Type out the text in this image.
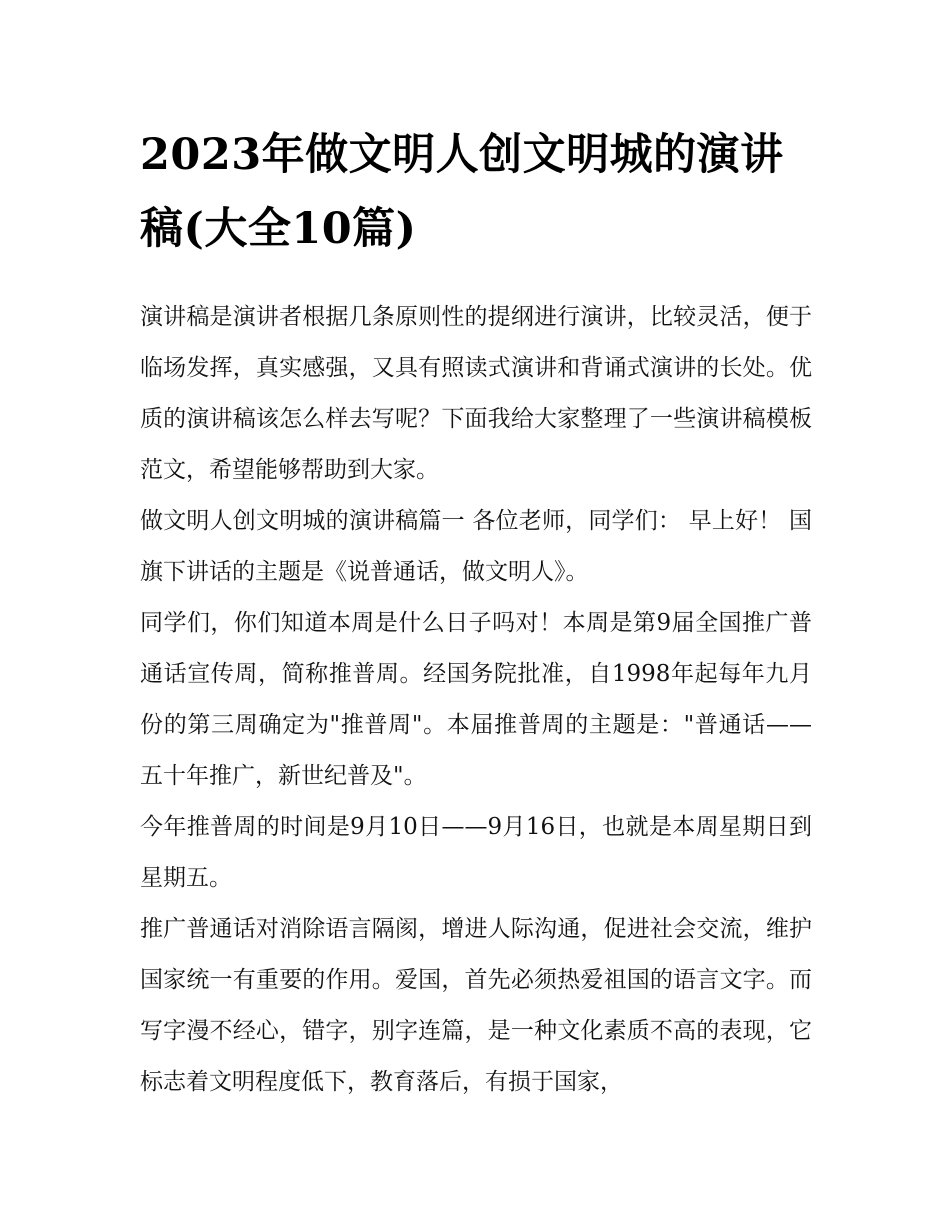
2023年做文明人创文明城的演讲稿(大全10篇)

演讲稿是演讲者根据几条原则性的提纲进行演讲，比较灵活，便于临场发挥，真实感强，又具有照读式演讲和背诵式演讲的长处。优质的演讲稿该怎么样去写呢？下面我给大家整理了一些演讲稿模板范文，希望能够帮助到大家。

做文明人创文明城的演讲稿篇一 各位老师，同学们： 早上好！ 国旗下讲话的主题是《说普通话，做文明人》。

同学们，你们知道本周是什么日子吗对！本周是第9届全国推广普通话宣传周，简称推普周。经国务院批准，自1998年起每年九月份的第三周确定为"推普周"。本届推普周的主题是："普通话——五十年推广，新世纪普及"。

今年推普周的时间是9月10日——9月16日，也就是本周星期日到星期五。

推广普通话对消除语言隔阂，增进人际沟通，促进社会交流，维护国家统一有重要的作用。爱国，首先必须热爱祖国的语言文字。而写字漫不经心，错字，别字连篇，是一种文化素质不高的表现，它标志着文明程度低下，教育落后，有损于国家，
